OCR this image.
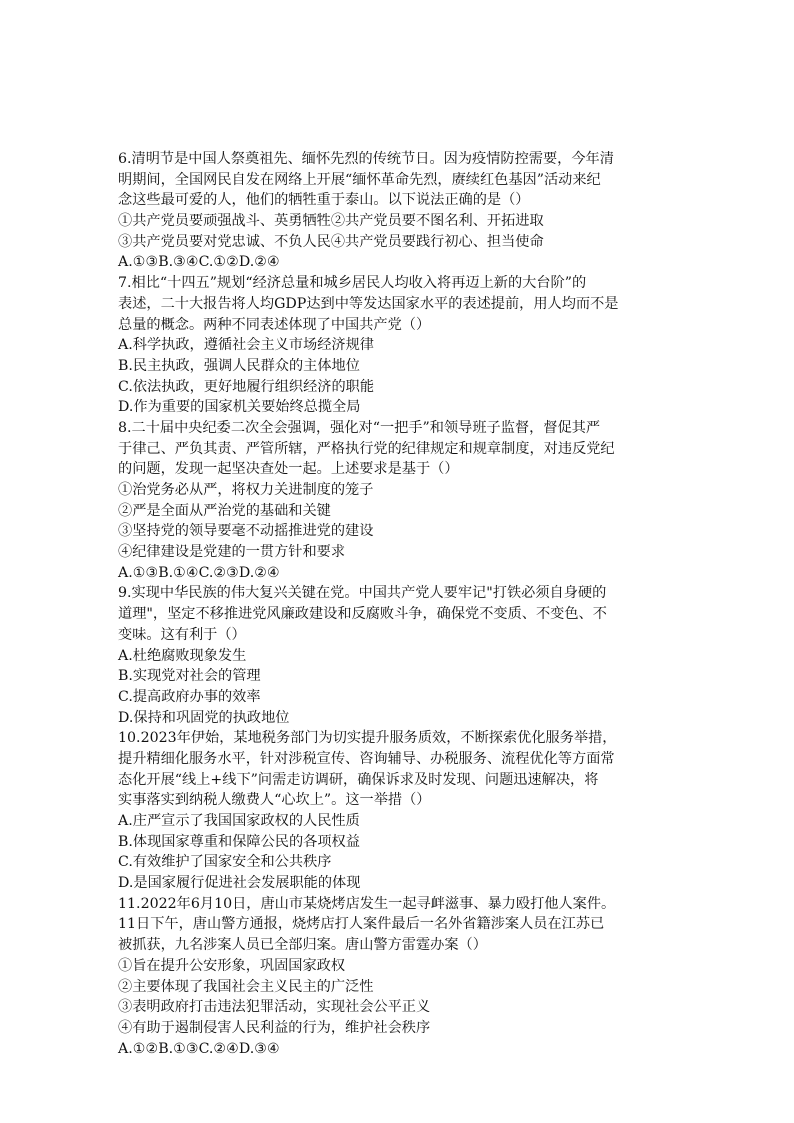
6.清明节是中国人祭奠祖先、缅怀先烈的传统节日。因为疫情防控需要，今年清
明期间，全国网民自发在网络上开展“缅怀革命先烈，赓续红色基因”活动来纪
念这些最可爱的人，他们的牺牲重于泰山。以下说法正确的是（）
①共产党员要顽强战斗、英勇牺牲②共产党员要不图名利、开拓进取
③共产党员要对党忠诚、不负人民④共产党员要践行初心、担当使命
A.①③B.③④C.①②D.②④
7.相比“十四五”规划“经济总量和城乡居民人均收入将再迈上新的大台阶”的
表述，二十大报告将人均GDP达到中等发达国家水平的表述提前，用人均而不是
总量的概念。两种不同表述体现了中国共产党（）
A.科学执政，遵循社会主义市场经济规律
B.民主执政，强调人民群众的主体地位
C.依法执政，更好地履行组织经济的职能
D.作为重要的国家机关要始终总揽全局
8.二十届中央纪委二次全会强调，强化对“一把手”和领导班子监督，督促其严
于律己、严负其责、严管所辖，严格执行党的纪律规定和规章制度，对违反党纪
的问题，发现一起坚决查处一起。上述要求是基于（）
①治党务必从严，将权力关进制度的笼子
②严是全面从严治党的基础和关键
③坚持党的领导要毫不动摇推进党的建设
④纪律建设是党建的一贯方针和要求
A.①③B.①④C.②③D.②④
9.实现中华民族的伟大复兴关键在党。中国共产党人要牢记"打铁必须自身硬的
道理"，坚定不移推进党风廉政建设和反腐败斗争，确保党不变质、不变色、不
变味。这有利于（）
A.杜绝腐败现象发生
B.实现党对社会的管理
C.提高政府办事的效率
D.保持和巩固党的执政地位
10.2023年伊始，某地税务部门为切实提升服务质效，不断探索优化服务举措，
提升精细化服务水平，针对涉税宣传、咨询辅导、办税服务、流程优化等方面常
态化开展“线上+线下”问需走访调研，确保诉求及时发现、问题迅速解决，将
实事落实到纳税人缴费人“心坎上”。这一举措（）
A.庄严宣示了我国国家政权的人民性质
B.体现国家尊重和保障公民的各项权益
C.有效维护了国家安全和公共秩序
D.是国家履行促进社会发展职能的体现
11.2022年6月10日，唐山市某烧烤店发生一起寻衅滋事、暴力殴打他人案件。
11日下午，唐山警方通报，烧烤店打人案件最后一名外省籍涉案人员在江苏已
被抓获，九名涉案人员已全部归案。唐山警方雷霆办案（）
①旨在提升公安形象，巩固国家政权
②主要体现了我国社会主义民主的广泛性
③表明政府打击违法犯罪活动，实现社会公平正义
④有助于遏制侵害人民利益的行为，维护社会秩序
A.①②B.①③C.②④D.③④
